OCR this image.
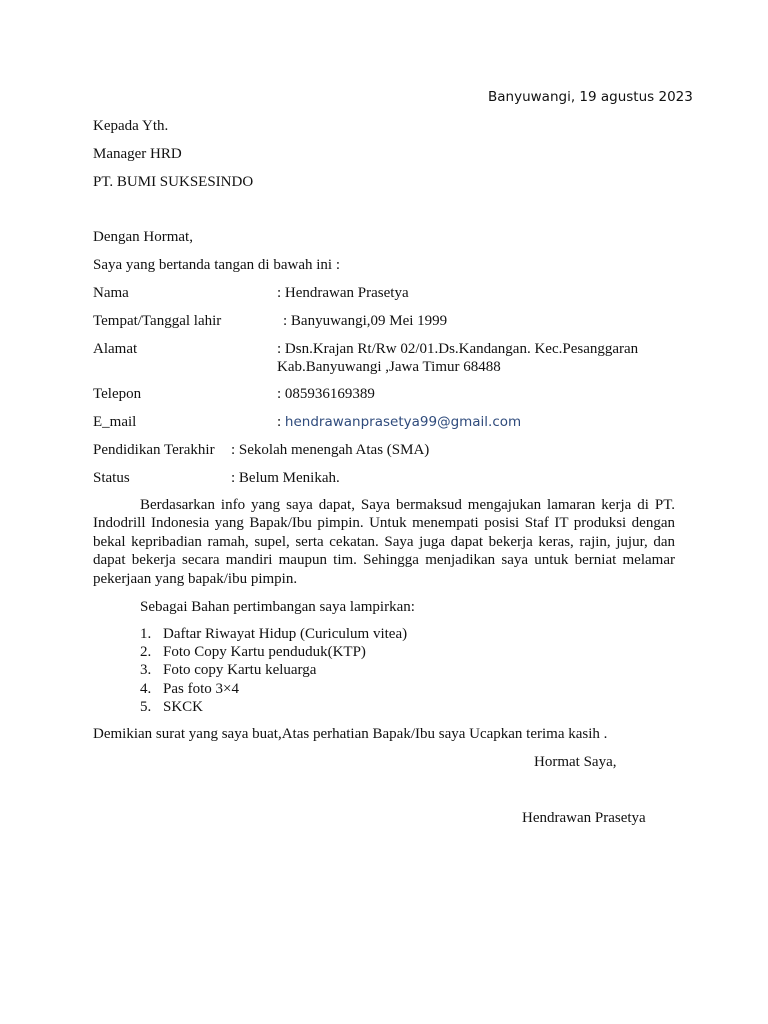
Banyuwangi, 19 agustus 2023
Kepada Yth.
Manager HRD
PT. BUMI SUKSESINDO
Dengan Hormat,
Saya yang bertanda tangan di bawah ini :
Nama	: Hendrawan Prasetya
Tempat/Tanggal lahir	: Banyuwangi,09 Mei 1999
Alamat	: Dsn.Krajan Rt/Rw 02/01.Ds.Kandangan. Kec.Pesanggaran
Kab.Banyuwangi ,Jawa Timur 68488
Telepon	: 085936169389
E_mail	: hendrawanprasetya99@gmail.com
Pendidikan Terakhir : Sekolah menengah Atas (SMA)
Status	: Belum Menikah.
Berdasarkan info yang saya dapat, Saya bermaksud mengajukan lamaran kerja di PT. Indodrill Indonesia yang Bapak/Ibu pimpin. Untuk menempati posisi Staf IT produksi dengan bekal kepribadian ramah, supel, serta cekatan. Saya juga dapat bekerja keras, rajin, jujur, dan dapat bekerja secara mandiri maupun tim. Sehingga menjadikan saya untuk berniat melamar pekerjaan yang bapak/ibu pimpin.
Sebagai Bahan pertimbangan saya lampirkan:
1. Daftar Riwayat Hidup (Curiculum vitea)
2. Foto Copy Kartu penduduk(KTP)
3. Foto copy Kartu keluarga
4. Pas foto 3×4
5. SKCK
Demikian surat yang saya buat,Atas perhatian Bapak/Ibu saya Ucapkan terima kasih .
Hormat Saya,
Hendrawan Prasetya
